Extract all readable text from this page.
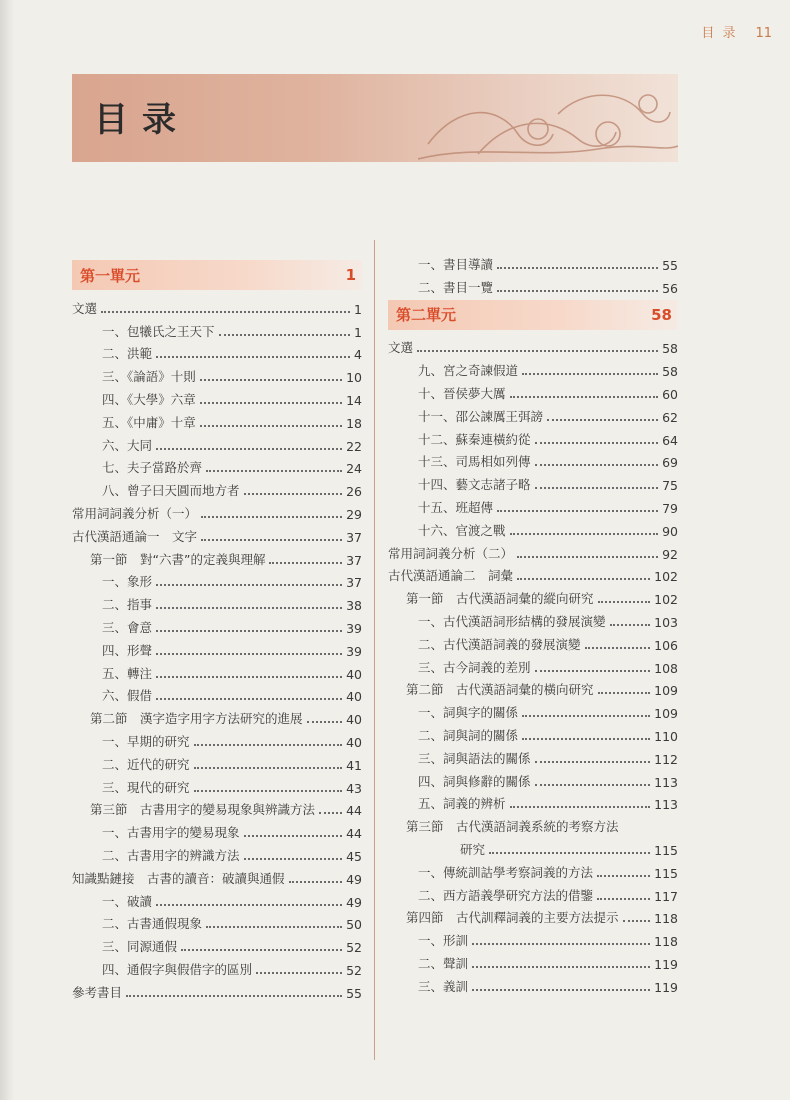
目 录 11
目录
第一單元	1
文選	1
一、包犧氏之王天下	1
二、洪範	4
三、《論語》十則	10
四、《大學》六章	14
五、《中庸》十章	18
六、大同	22
七、夫子當路於齊	24
八、曾子曰天圓而地方者	26
常用詞詞義分析（一）	29
古代漢語通論一　文字	37
第一節　對“六書”的定義與理解	37
一、象形	37
二、指事	38
三、會意	39
四、形聲	39
五、轉注	40
六、假借	40
第二節　漢字造字用字方法研究的進展	40
一、早期的研究	40
二、近代的研究	41
三、現代的研究	43
第三節　古書用字的變易現象與辨識方法 44
一、古書用字的變易現象	44
二、古書用字的辨識方法	45
知識點鏈接　古書的讀音：破讀與通假	49
一、破讀	49
二、古書通假現象	50
三、同源通假	52
四、通假字與假借字的區別	52
參考書目	55
一、書目導讀	55
二、書目一覽	56
第二單元	58
文選	58
九、宮之奇諫假道	58
十、晉侯夢大厲	60
十一、邵公諫厲王弭謗	62
十二、蘇秦連橫約從	64
十三、司馬相如列傳	69
十四、藝文志諸子略	75
十五、班超傳	79
十六、官渡之戰	90
常用詞詞義分析（二）	92
古代漢語通論二　詞彙	102
第一節　古代漢語詞彙的縱向研究	102
一、古代漢語詞形結構的發展演變	103
二、古代漢語詞義的發展演變	106
三、古今詞義的差別	108
第二節　古代漢語詞彙的橫向研究	109
一、詞與字的關係	109
二、詞與詞的關係	110
三、詞與語法的關係	112
四、詞與修辭的關係	113
五、詞義的辨析	113
第三節　古代漢語詞義系統的考察方法
研究	115
一、傳統訓詁學考察詞義的方法	115
二、西方語義學研究方法的借鑒	117
第四節　古代訓釋詞義的主要方法提示	118
一、形訓	118
二、聲訓	119
三、義訓	119
